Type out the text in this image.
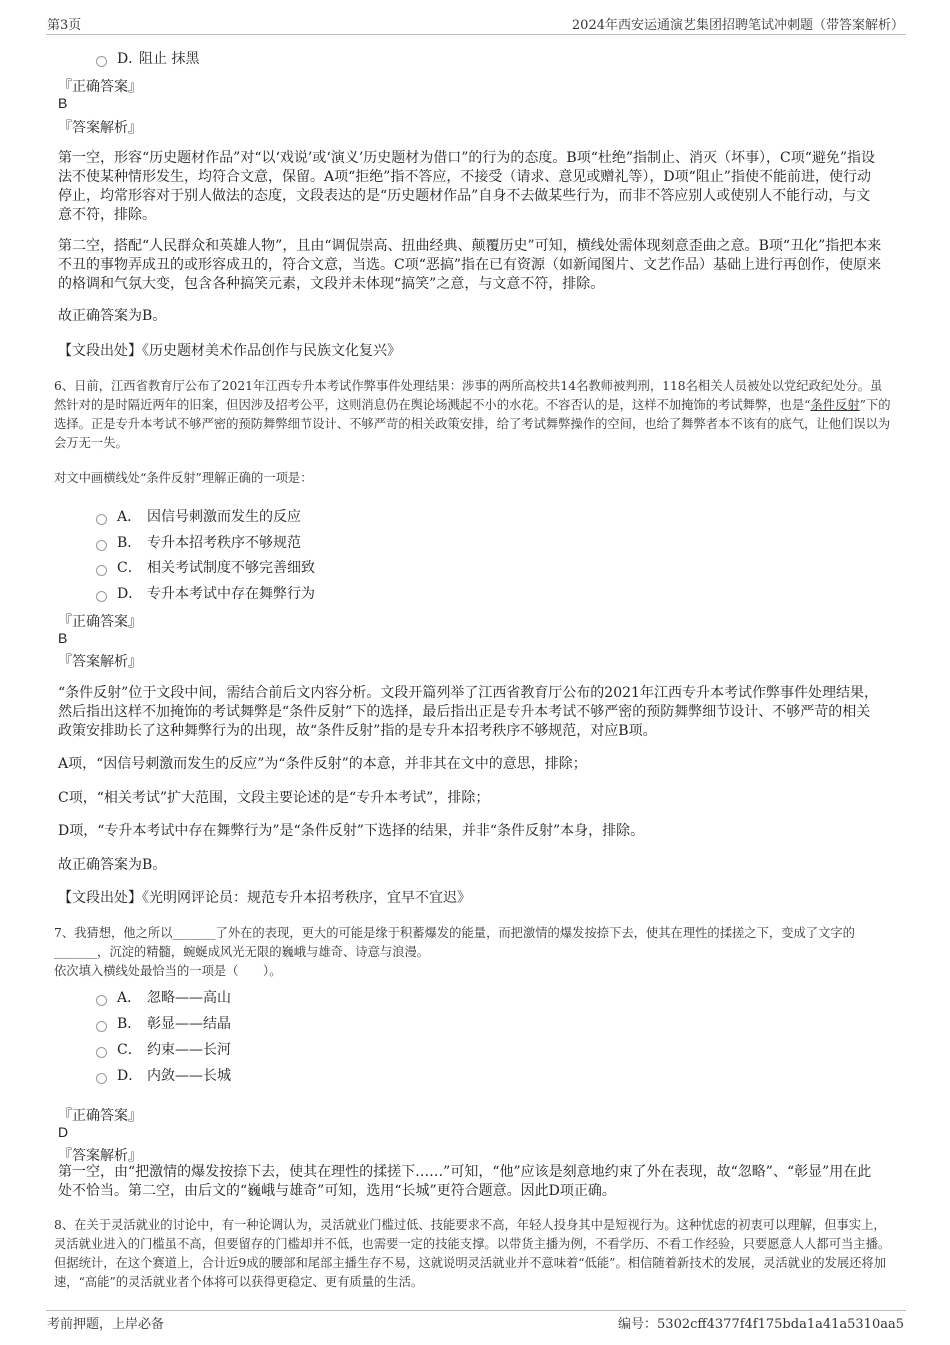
第3页	2024年西安运通演艺集团招聘笔试冲刺题（带答案解析）
D．
阻止 抹黑
『正确答案』
B
『答案解析』
第一空，形容“历史题材作品”对“以‘戏说’或‘演义’历史题材为借口”的行为的态度。B项“杜绝”指制止、消灭（坏事），C项“避免”指设法不使某种情形发生，均符合文意，保留。A项“拒绝”指不答应，不接受（请求、意见或赠礼等），D项“阻止”指使不能前进，使行动停止，均常形容对于别人做法的态度，文段表达的是“历史题材作品”自身不去做某些行为，而非不答应别人或使别人不能行动，与文意不符，排除。
第二空，搭配“人民群众和英雄人物”，且由“调侃崇高、扭曲经典、颠覆历史”可知，横线处需体现刻意歪曲之意。B项“丑化”指把本来不丑的事物弄成丑的或形容成丑的，符合文意，当选。C项“恶搞”指在已有资源（如新闻图片、文艺作品）基础上进行再创作，使原来的格调和气氛大变，包含各种搞笑元素，文段并未体现“搞笑”之意，与文意不符，排除。
故正确答案为B。
【文段出处】《历史题材美术作品创作与民族文化复兴》
6、日前，江西省教育厅公布了2021年江西专升本考试作弊事件处理结果：涉事的两所高校共14名教师被判刑，118名相关人员被处以党纪政纪处分。虽然针对的是时隔近两年的旧案，但因涉及招考公平，这则消息仍在舆论场溅起不小的水花。不容否认的是，这样不加掩饰的考试舞弊，也是“条件反射”下的选择。正是专升本考试不够严密的预防舞弊细节设计、不够严苛的相关政策安排，给了考试舞弊操作的空间，也给了舞弊者本不该有的底气，让他们误以为会万无一失。
对文中画横线处“条件反射”理解正确的一项是：
A． 因信号刺激而发生的反应
B． 专升本招考秩序不够规范
C． 相关考试制度不够完善细致
D． 专升本考试中存在舞弊行为
『正确答案』
B
『答案解析』
“条件反射”位于文段中间，需结合前后文内容分析。文段开篇列举了江西省教育厅公布的2021年江西专升本考试作弊事件处理结果，然后指出这样不加掩饰的考试舞弊是“条件反射”下的选择，最后指出正是专升本考试不够严密的预防舞弊细节设计、不够严苛的相关政策安排助长了这种舞弊行为的出现，故“条件反射”指的是专升本招考秩序不够规范，对应B项。
A项，“因信号刺激而发生的反应”为“条件反射”的本意，并非其在文中的意思，排除；
C项，“相关考试”扩大范围，文段主要论述的是“专升本考试”，排除；
D项，“专升本考试中存在舞弊行为”是“条件反射”下选择的结果，并非“条件反射”本身，排除。
故正确答案为B。
【文段出处】《光明网评论员：规范专升本招考秩序，宜早不宜迟》
7、我猜想，他之所以_______了外在的表现，更大的可能是缘于积蓄爆发的能量，而把激情的爆发按捺下去，使其在理性的揉搓之下，变成了文字的_______，沉淀的精髓，蜿蜒成风光无限的巍峨与雄奇、诗意与浪漫。
依次填入横线处最恰当的一项是（　　）。
A． 忽略——高山
B． 彰显——结晶
C． 约束——长河
D． 内敛——长城
『正确答案』
D
『答案解析』
第一空，由“把激情的爆发按捺下去，使其在理性的揉搓下……”可知，“他”应该是刻意地约束了外在表现，故“忽略”、“彰显”用在此处不恰当。第二空，由后文的“巍峨与雄奇”可知，选用“长城”更符合题意。因此D项正确。
8、在关于灵活就业的讨论中，有一种论调认为，灵活就业门槛过低、技能要求不高，年轻人投身其中是短视行为。这种忧虑的初衷可以理解，但事实上，灵活就业进入的门槛虽不高，但要留存的门槛却并不低，也需要一定的技能支撑。以带货主播为例，不看学历、不看工作经验，只要愿意人人都可当主播。但据统计，在这个赛道上，合计近9成的腰部和尾部主播生存不易，这就说明灵活就业并不意味着“低能”。相信随着新技术的发展，灵活就业的发展还将加速，“高能”的灵活就业者个体将可以获得更稳定、更有质量的生活。
考前押题，上岸必备	编号：5302cff4377f4f175bda1a41a5310aa5
